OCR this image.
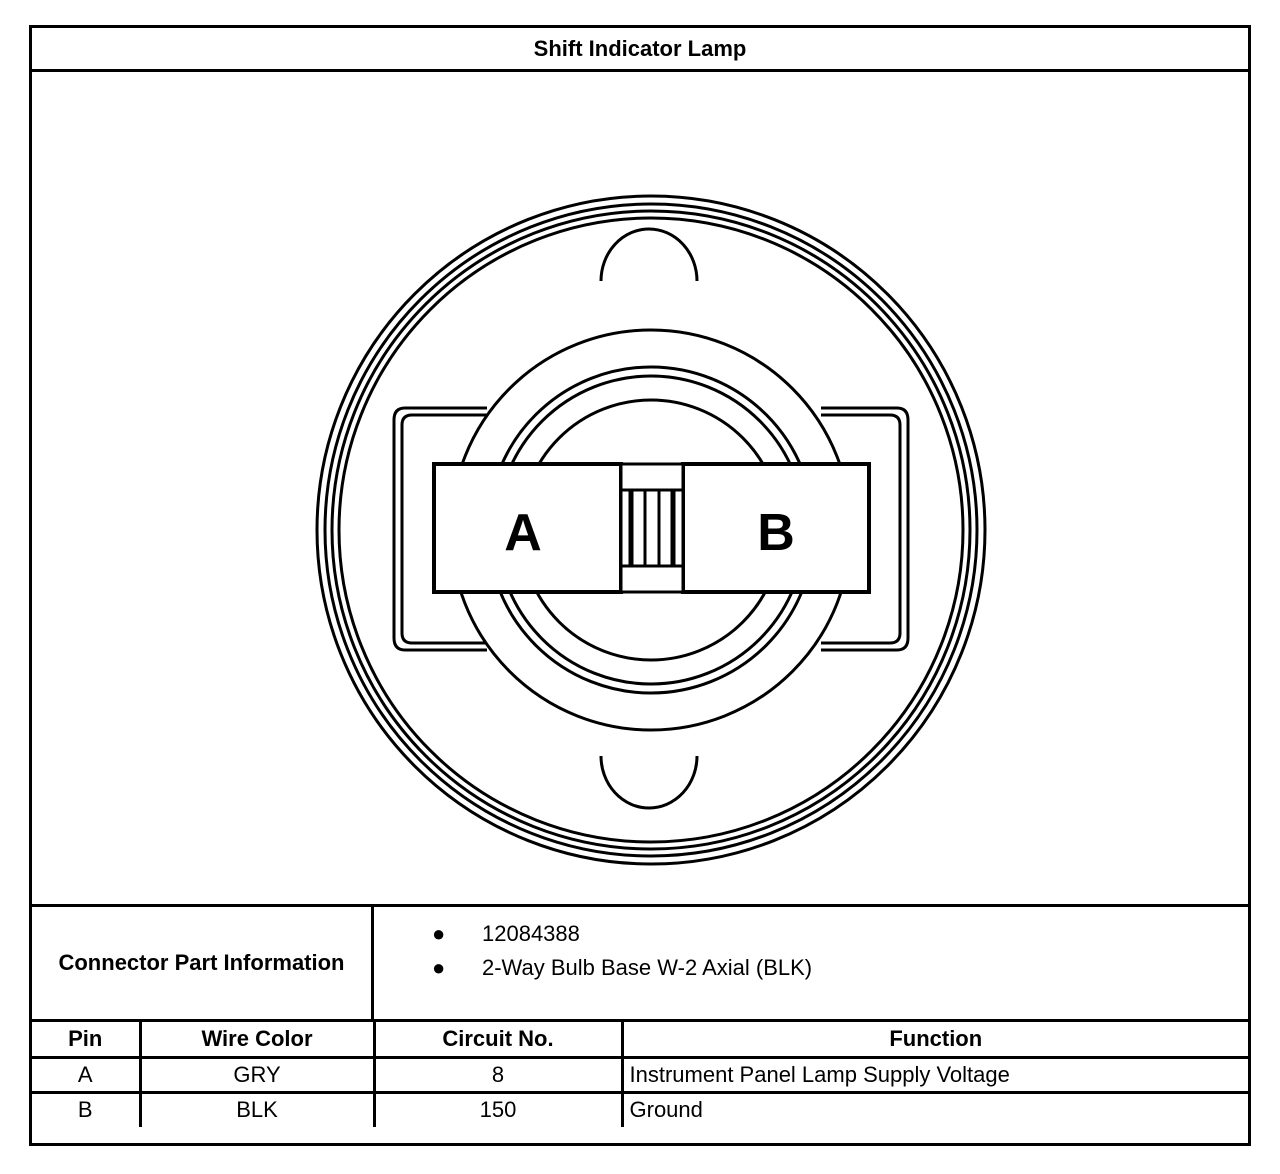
Shift Indicator Lamp
A	B
Connector Part Information
● 12084388
● 2-Way Bulb Base W-2 Axial (BLK)
Pin	Wire Color	Circuit No.	Function
A	GRY	8	Instrument Panel Lamp Supply Voltage
B	BLK	150	Ground
